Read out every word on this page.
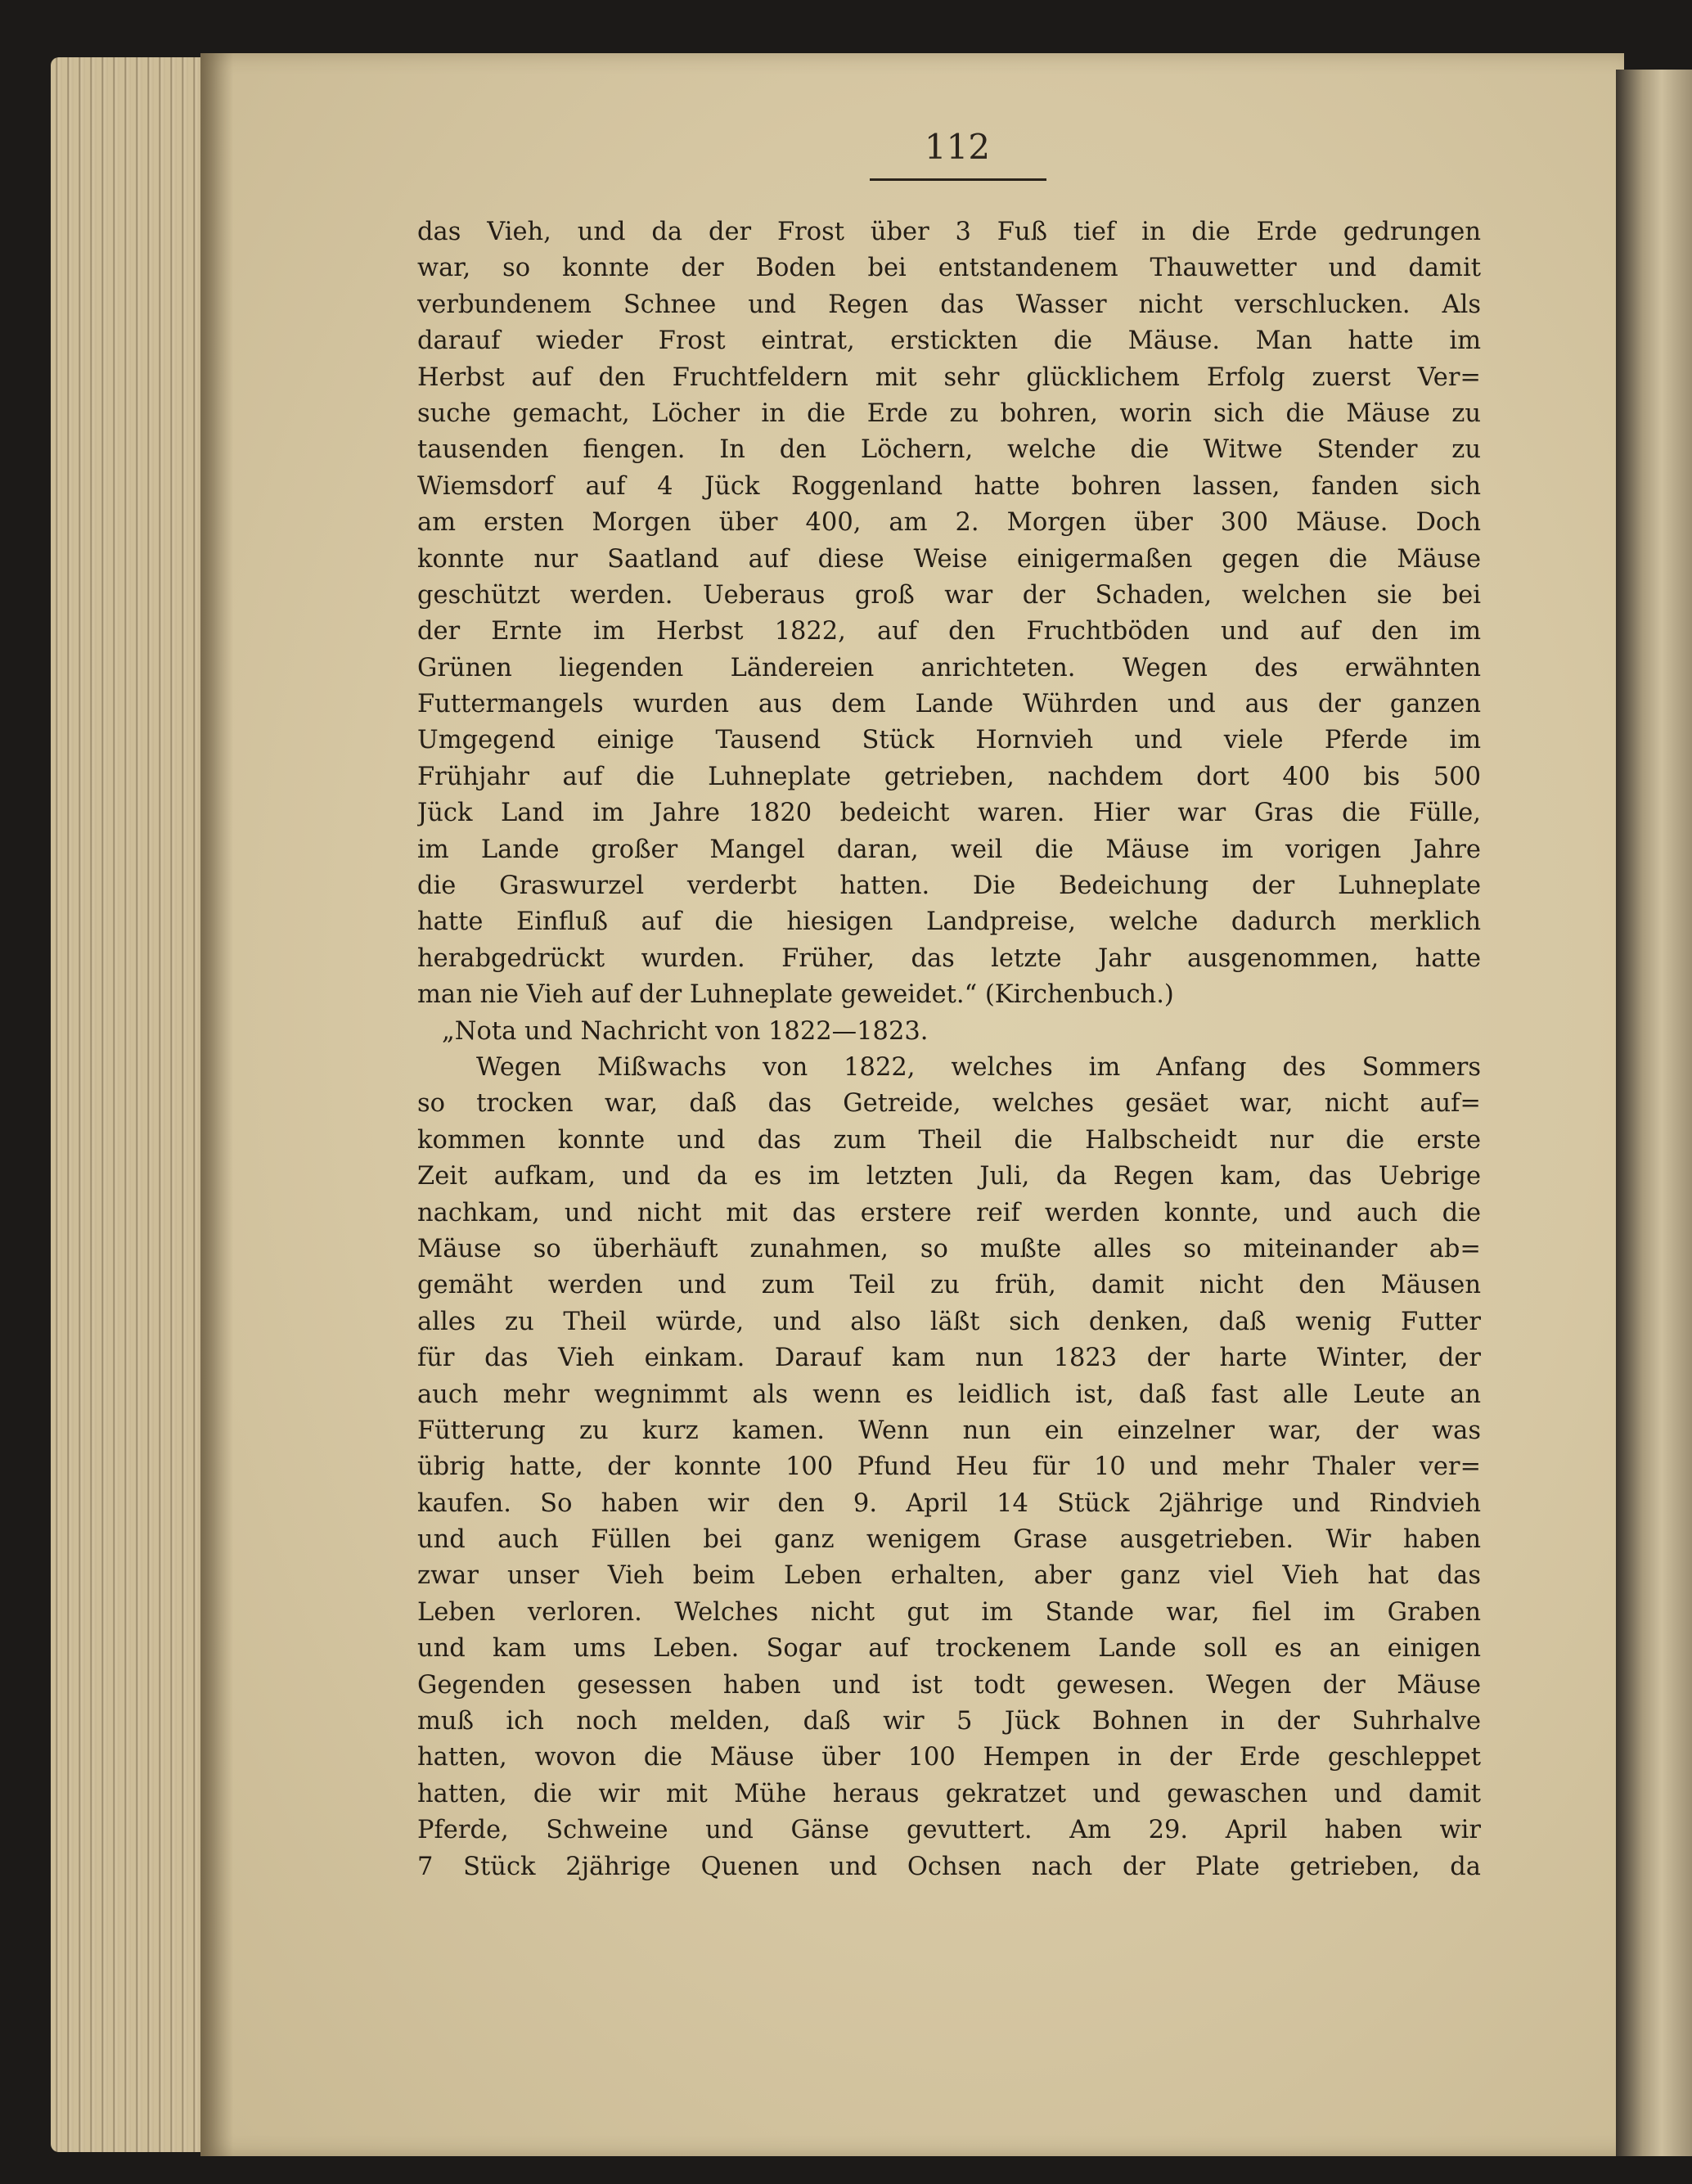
112
das Vieh, und da der Frost über 3 Fuß tief in die Erde gedrungen
war, so konnte der Boden bei entstandenem Thauwetter und damit
verbundenem Schnee und Regen das Wasser nicht verschlucken. Als
darauf wieder Frost eintrat, erstickten die Mäuse. Man hatte im
Herbst auf den Fruchtfeldern mit sehr glücklichem Erfolg zuerst Ver=
suche gemacht, Löcher in die Erde zu bohren, worin sich die Mäuse zu
tausenden fiengen. In den Löchern, welche die Witwe Stender zu
Wiemsdorf auf 4 Jück Roggenland hatte bohren lassen, fanden sich
am ersten Morgen über 400, am 2. Morgen über 300 Mäuse. Doch
konnte nur Saatland auf diese Weise einigermaßen gegen die Mäuse
geschützt werden. Ueberaus groß war der Schaden, welchen sie bei
der Ernte im Herbst 1822, auf den Fruchtböden und auf den im
Grünen liegenden Ländereien anrichteten. Wegen des erwähnten
Futtermangels wurden aus dem Lande Wührden und aus der ganzen
Umgegend einige Tausend Stück Hornvieh und viele Pferde im
Frühjahr auf die Luhneplate getrieben, nachdem dort 400 bis 500
Jück Land im Jahre 1820 bedeicht waren. Hier war Gras die Fülle,
im Lande großer Mangel daran, weil die Mäuse im vorigen Jahre
die Graswurzel verderbt hatten. Die Bedeichung der Luhneplate
hatte Einfluß auf die hiesigen Landpreise, welche dadurch merklich
herabgedrückt wurden. Früher, das letzte Jahr ausgenommen, hatte
man nie Vieh auf der Luhneplate geweidet.“ (Kirchenbuch.)
„Nota und Nachricht von 1822—1823.
Wegen Mißwachs von 1822, welches im Anfang des Sommers
so trocken war, daß das Getreide, welches gesäet war, nicht auf=
kommen konnte und das zum Theil die Halbscheidt nur die erste
Zeit aufkam, und da es im letzten Juli, da Regen kam, das Uebrige
nachkam, und nicht mit das erstere reif werden konnte, und auch die
Mäuse so überhäuft zunahmen, so mußte alles so miteinander ab=
gemäht werden und zum Teil zu früh, damit nicht den Mäusen
alles zu Theil würde, und also läßt sich denken, daß wenig Futter
für das Vieh einkam. Darauf kam nun 1823 der harte Winter, der
auch mehr wegnimmt als wenn es leidlich ist, daß fast alle Leute an
Fütterung zu kurz kamen. Wenn nun ein einzelner war, der was
übrig hatte, der konnte 100 Pfund Heu für 10 und mehr Thaler ver=
kaufen. So haben wir den 9. April 14 Stück 2jährige und Rindvieh
und auch Füllen bei ganz wenigem Grase ausgetrieben. Wir haben
zwar unser Vieh beim Leben erhalten, aber ganz viel Vieh hat das
Leben verloren. Welches nicht gut im Stande war, fiel im Graben
und kam ums Leben. Sogar auf trockenem Lande soll es an einigen
Gegenden gesessen haben und ist todt gewesen. Wegen der Mäuse
muß ich noch melden, daß wir 5 Jück Bohnen in der Suhrhalve
hatten, wovon die Mäuse über 100 Hempen in der Erde geschleppet
hatten, die wir mit Mühe heraus gekratzet und gewaschen und damit
Pferde, Schweine und Gänse gevuttert. Am 29. April haben wir
7 Stück 2jährige Quenen und Ochsen nach der Plate getrieben, da
